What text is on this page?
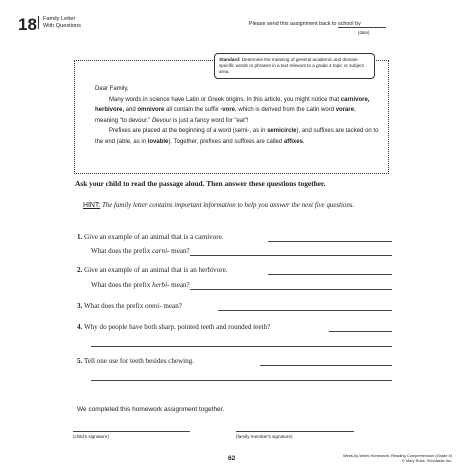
18 Family Letter
With Questions	Please send this assignment back to school by
(date)
Standard: Determine the meaning of general academic and domain-specific words or phrases in a text relevant to a grade 4 topic or subject area.

Dear Family,

Many words in science have Latin or Greek origins. In this article, you might notice that carnivore, herbivore, and omnivore all contain the suffix -vore, which is derived from the Latin word vorare, meaning "to devour." Devour is just a fancy word for "eat"!

Prefixes are placed at the beginning of a word (semi-, as in semicircle), and suffixes are tacked on to the end (able, as in lovable). Together, prefixes and suffixes are called affixes.

Ask your child to read the passage aloud. Then answer these questions together.
HINT: The family letter contains important information to help you answer the next five questions.
1. Give an example of an animal that is a carnivore.
What does the prefix carni- mean?
2. Give an example of an animal that is an herbivore.
What does the prefix herbi- mean?
3. What does the prefix omni- mean?
4. Why do people have both sharp, pointed teeth and rounded teeth?
5. Tell one use for teeth besides chewing.
We completed this homework assignment together.
(child's signature)	(family member's signature)
62	Week-by-Week Homework: Reading Comprehension (Grade 4)
© Mary Rose, Scholastic Inc.
